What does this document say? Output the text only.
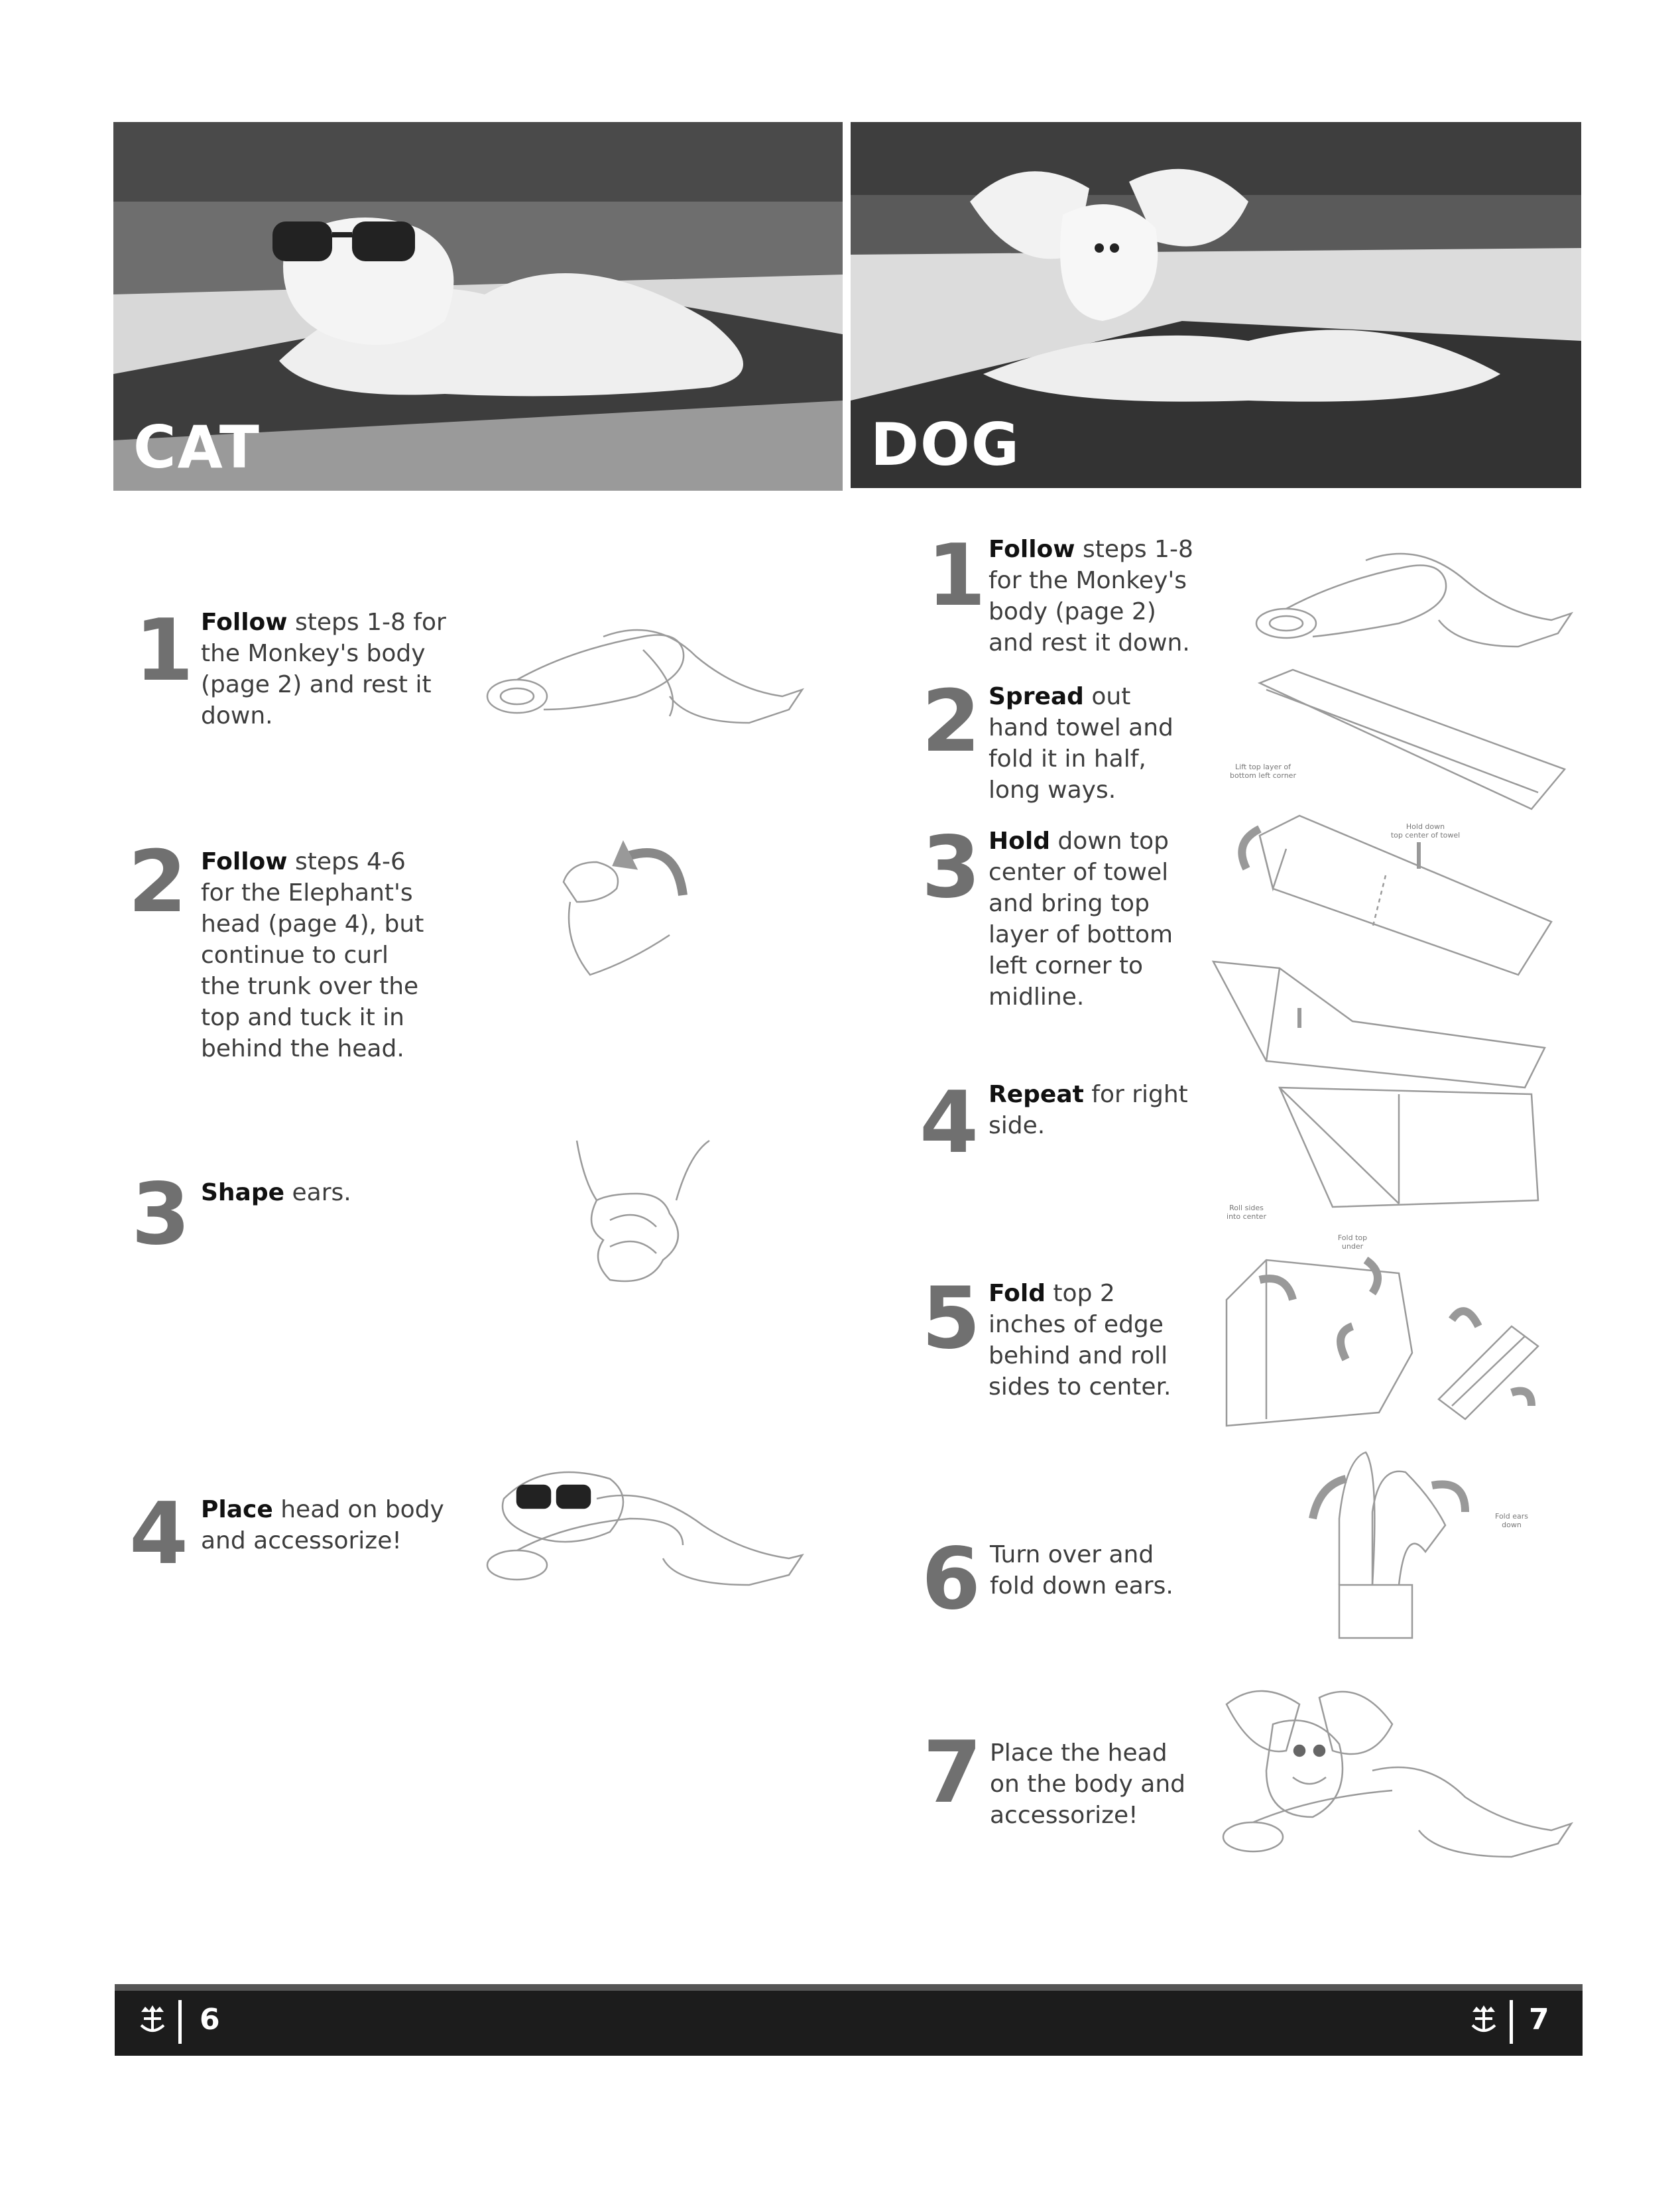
CAT	DOG
1 Follow steps 1-8 for
the Monkey's body
(page 2) and rest it
down.
2 Follow steps 4-6
for the Elephant's
head (page 4), but
continue to curl
the trunk over the
top and tuck it in
behind the head.
3 Shape ears.
4 Place head on body
and accessorize!
1 Follow steps 1-8
for the Monkey's
body (page 2)
and rest it down.
2 Spread out
hand towel and
fold it in half,
long ways.
3 Hold down top
center of towel
and bring top
layer of bottom
left corner to
midline.
4 Repeat for right
side.
5 Fold top 2
inches of edge
behind and roll
sides to center.
6 Turn over and
fold down ears.
7 Place the head
on the body and
accessorize!
Lift top layer of
bottom left corner
Hold down
top center of towel
Roll sides
into center
Fold top
under
Fold ears
down
6	7
